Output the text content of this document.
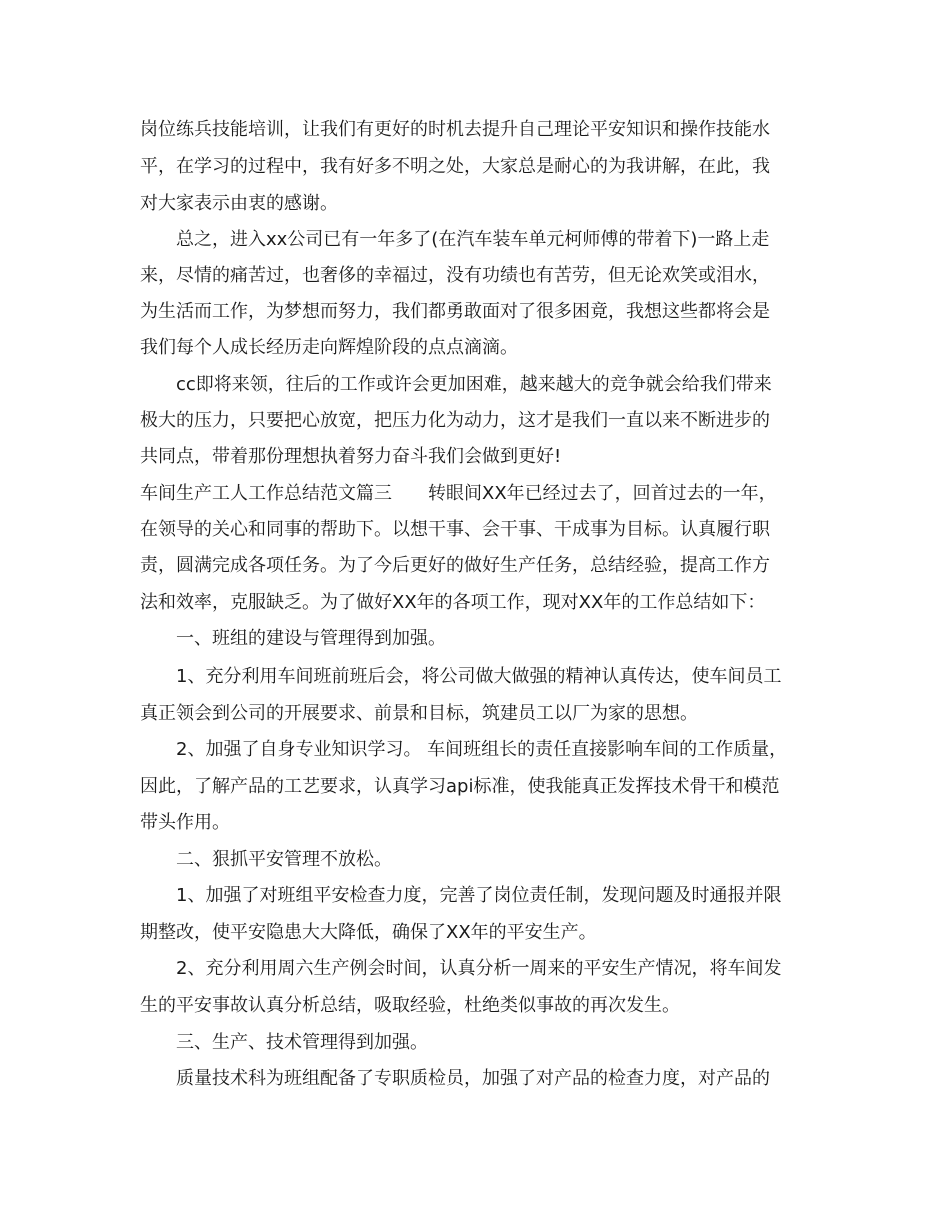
岗位练兵技能培训，让我们有更好的时机去提升自己理论平安知识和操作技能水
平，在学习的过程中，我有好多不明之处，大家总是耐心的为我讲解，在此，我
对大家表示由衷的感谢。
总之，进入xx公司已有一年多了(在汽车装车单元柯师傅的带着下)一路上走
来，尽情的痛苦过，也奢侈的幸福过，没有功绩也有苦劳，但无论欢笑或泪水，
为生活而工作，为梦想而努力，我们都勇敢面对了很多困竟，我想这些都将会是
我们每个人成长经历走向辉煌阶段的点点滴滴。
cc即将来领，往后的工作或许会更加困难，越来越大的竞争就会给我们带来
极大的压力，只要把心放宽，把压力化为动力，这才是我们一直以来不断进步的
共同点，带着那份理想执着努力奋斗我们会做到更好!
车间生产工人工作总结范文篇三　　转眼间XX年已经过去了，回首过去的一年，
在领导的关心和同事的帮助下。以想干事、会干事、干成事为目标。认真履行职
责，圆满完成各项任务。为了今后更好的做好生产任务，总结经验，提高工作方
法和效率，克服缺乏。为了做好XX年的各项工作，现对XX年的工作总结如下：
一、班组的建设与管理得到加强。
1、充分利用车间班前班后会，将公司做大做强的精神认真传达，使车间员工
真正领会到公司的开展要求、前景和目标，筑建员工以厂为家的思想。
2、加强了自身专业知识学习。 车间班组长的责任直接影响车间的工作质量，
因此，了解产品的工艺要求，认真学习api标准，使我能真正发挥技术骨干和模范
带头作用。
二、狠抓平安管理不放松。
1、加强了对班组平安检查力度，完善了岗位责任制，发现问题及时通报并限
期整改，使平安隐患大大降低，确保了XX年的平安生产。
2、充分利用周六生产例会时间，认真分析一周来的平安生产情况，将车间发
生的平安事故认真分析总结，吸取经验，杜绝类似事故的再次发生。
三、生产、技术管理得到加强。
质量技术科为班组配备了专职质检员，加强了对产品的检查力度，对产品的
